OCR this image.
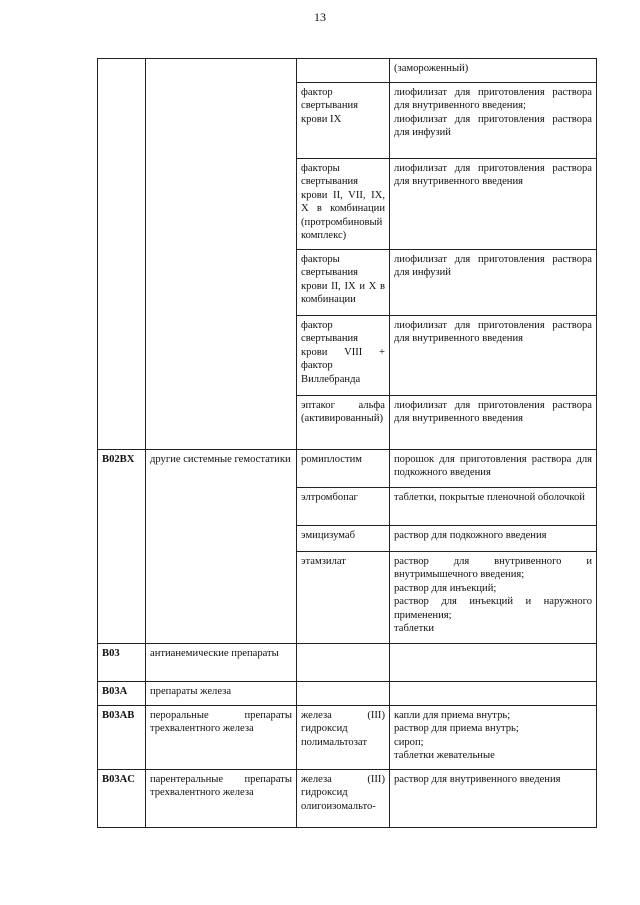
13

			(замороженный)

		фактор свертывания крови IX	лиофилизат для приготовления раствора для внутривенного введения;
лиофилизат для приготовления раствора для инфузий

		факторы свертывания крови II, VII, IX, X в комбинации (протромбиновый комплекс)	лиофилизат для приготовления раствора для внутривенного введения

		факторы свертывания крови II, IX и X в комбинации	лиофилизат для приготовления раствора для инфузий

		фактор свертывания крови VIII + фактор Виллебранда	лиофилизат для приготовления раствора для внутривенного введения

		эптаког альфа (активированный)	лиофилизат для приготовления раствора для внутривенного введения

B02BX	другие системные гемостатики	ромиплостим	порошок для приготовления раствора для подкожного введения

		элтромбопаг	таблетки, покрытые пленочной оболочкой

		эмицизумаб	раствор для подкожного введения

		этамзилат	раствор для внутривенного и внутримышечного введения;
раствор для инъекций;
раствор для инъекций и наружного применения;
таблетки

B03	антианемические препараты		
B03A	препараты железа		
B03AB	пероральные препараты трехвалентного железа	железа (III) гидроксид полимальтозат	капли для приема внутрь;
раствор для приема внутрь;
сироп;
таблетки жевательные

B03AC	парентеральные препараты трехвалентного железа	железа (III) гидроксид олигоизомальто-	раствор для внутривенного введения
